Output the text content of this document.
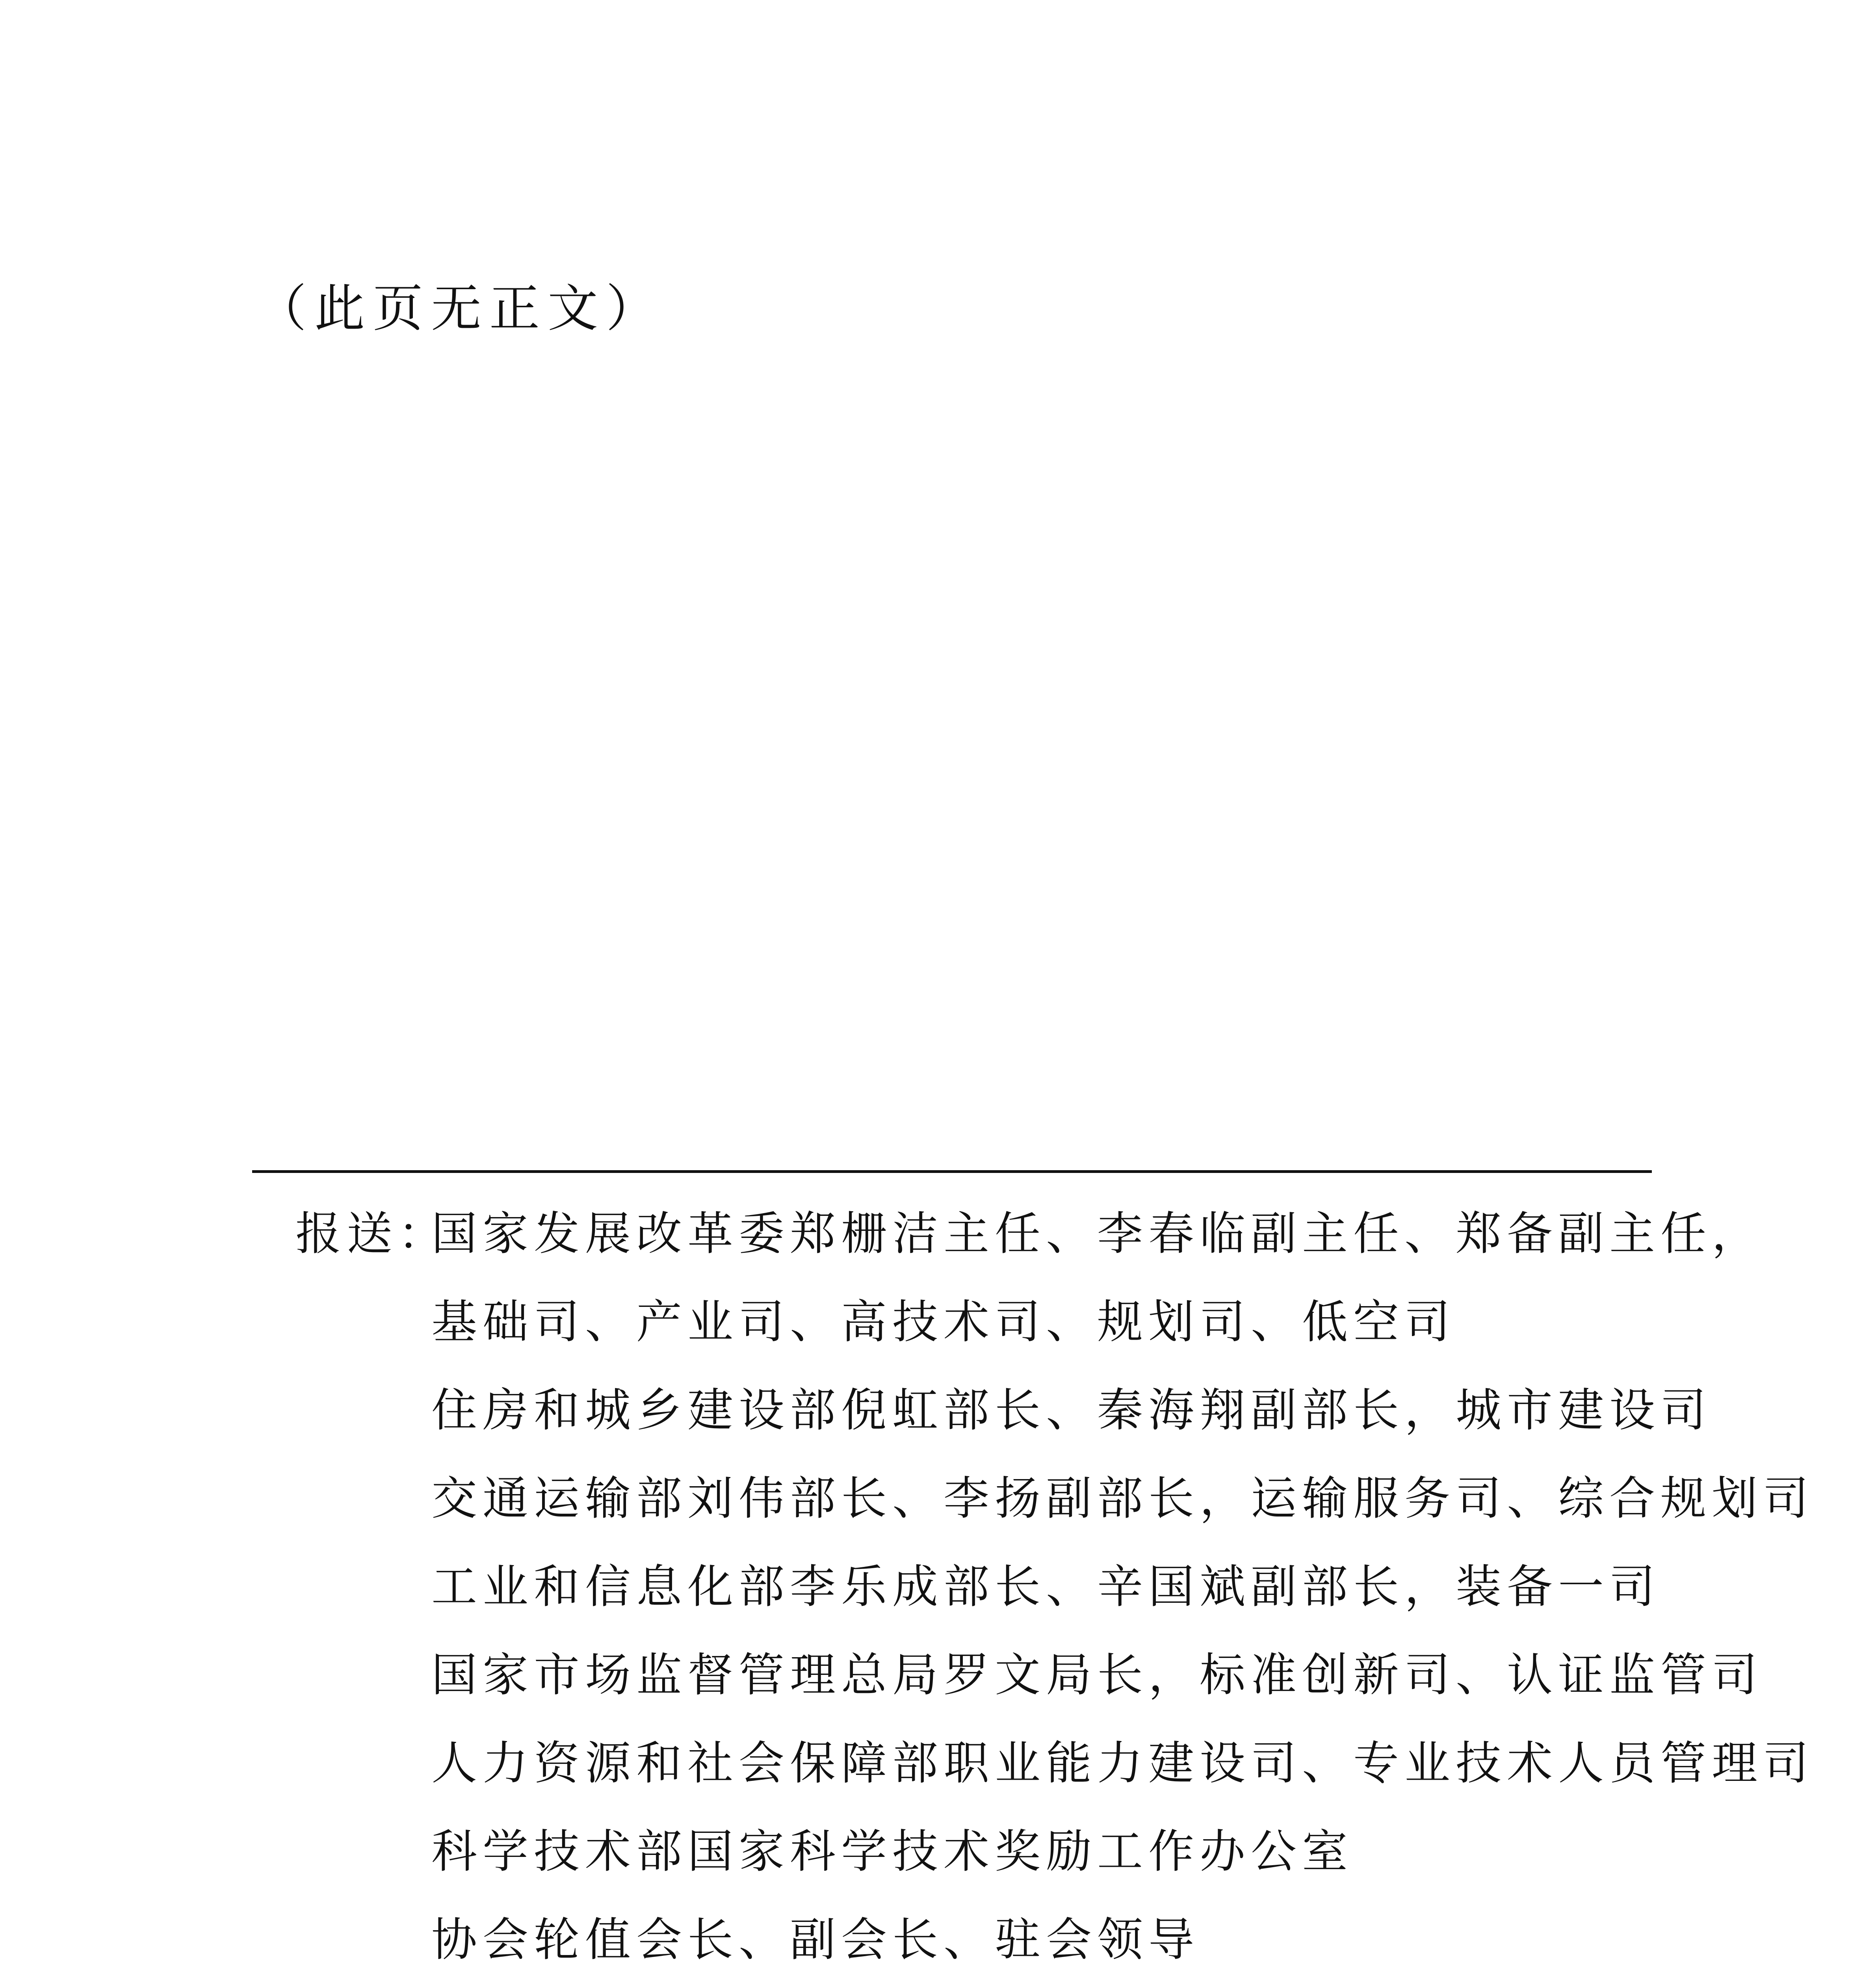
（此页无正文）
报送：国家发展改革委郑栅洁主任、李春临副主任、郑备副主任，
基础司、产业司、高技术司、规划司、低空司
住房和城乡建设部倪虹部长、秦海翔副部长，城市建设司
交通运输部刘伟部长、李扬副部长，运输服务司、综合规划司
工业和信息化部李乐成部长、辛国斌副部长，装备一司
国家市场监督管理总局罗文局长，标准创新司、认证监管司
人力资源和社会保障部职业能力建设司、专业技术人员管理司
科学技术部国家科学技术奖励工作办公室
协会轮值会长、副会长、驻会领导
